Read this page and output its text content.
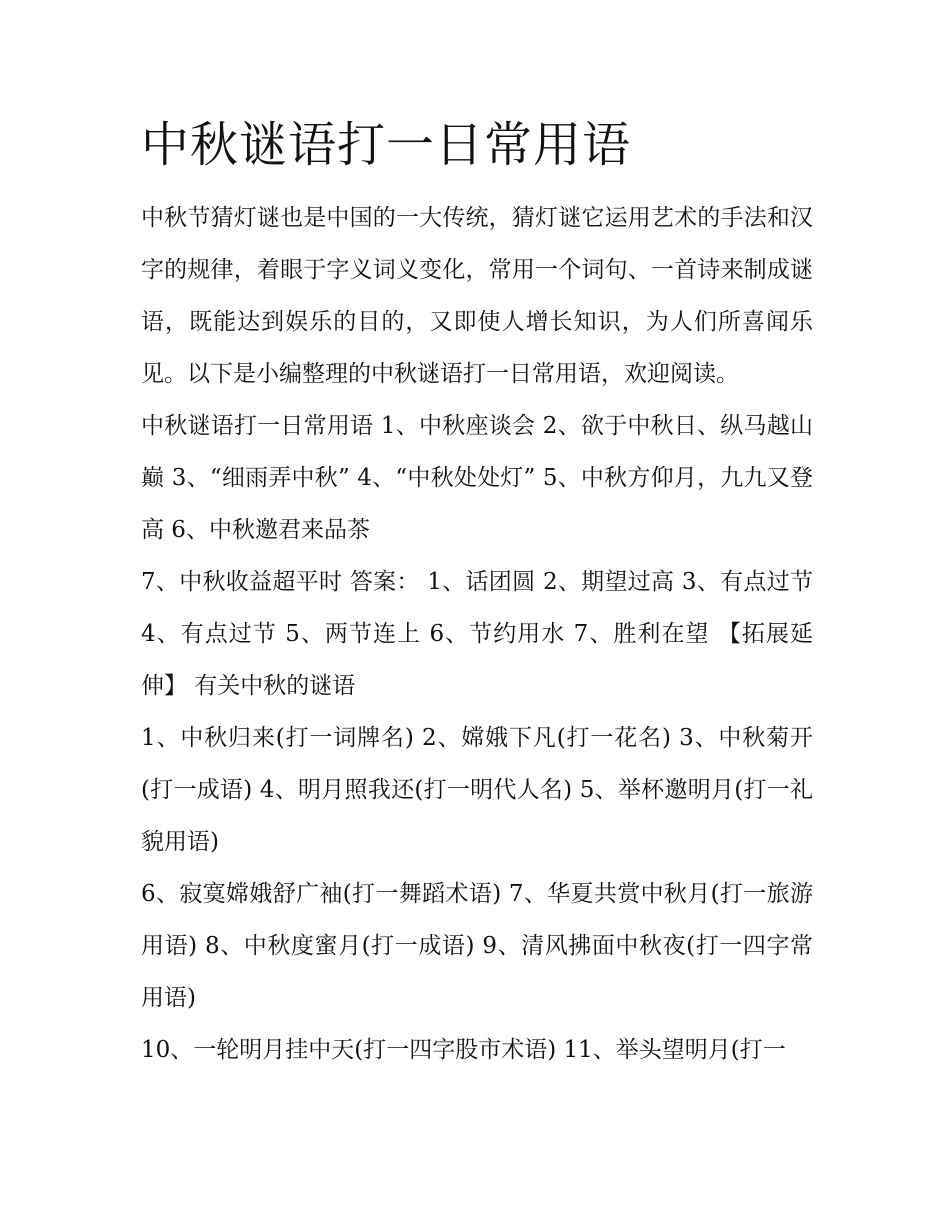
中秋谜语打一日常用语

中秋节猜灯谜也是中国的一大传统，猜灯谜它运用艺术的手法和汉字的规律，着眼于字义词义变化，常用一个词句、一首诗来制成谜语，既能达到娱乐的目的，又即使人增长知识，为人们所喜闻乐见。以下是小编整理的中秋谜语打一日常用语，欢迎阅读。

中秋谜语打一日常用语 1、中秋座谈会 2、欲于中秋日、纵马越山巅 3、“细雨弄中秋” 4、“中秋处处灯” 5、中秋方仰月，九九又登高 6、中秋邀君来品茶

7、中秋收益超平时 答案： 1、话团圆 2、期望过高 3、有点过节 4、有点过节 5、两节连上 6、节约用水 7、胜利在望 【拓展延伸】 有关中秋的谜语

1、中秋归来(打一词牌名) 2、嫦娥下凡(打一花名) 3、中秋菊开(打一成语) 4、明月照我还(打一明代人名) 5、举杯邀明月(打一礼貌用语)

6、寂寞嫦娥舒广袖(打一舞蹈术语) 7、华夏共赏中秋月(打一旅游用语) 8、中秋度蜜月(打一成语) 9、清风拂面中秋夜(打一四字常用语)

10、一轮明月挂中天(打一四字股市术语) 11、举头望明月(打一
